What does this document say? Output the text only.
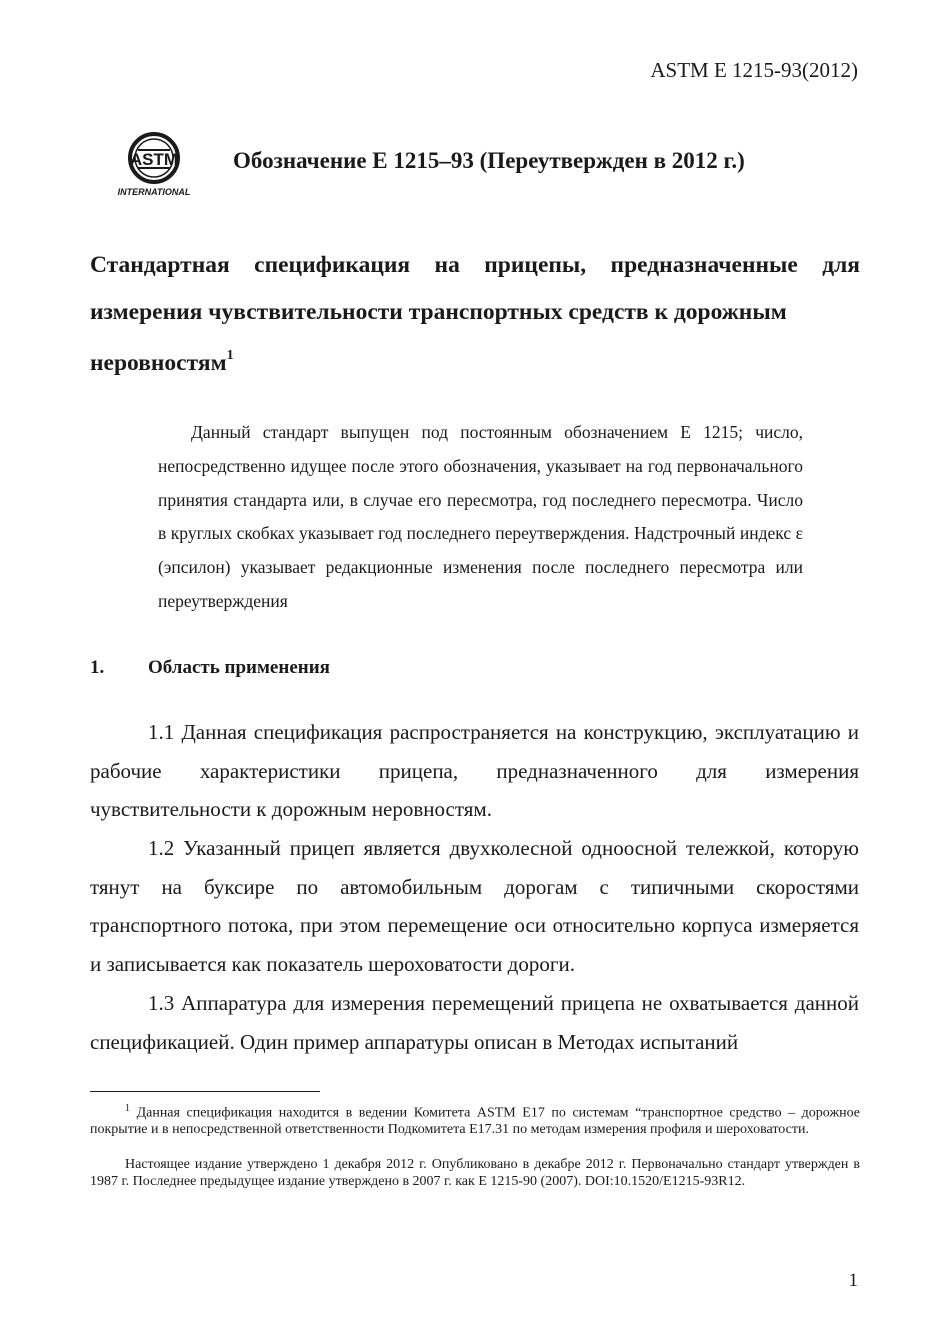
ASTM E 1215-93(2012)
ASTM
INTERNATIONAL
Обозначение E 1215–93 (Переутвержден в 2012 г.)
Стандартная спецификация на прицепы, предназначенные для измерения чувствительности транспортных средств к дорожным
неровностям$^1$
Данный стандарт выпущен под постоянным обозначением Е 1215; число, непосредственно идущее после этого обозначения, указывает на год первоначального принятия стандарта или, в случае его пересмотра, год последнего пересмотра. Число в круглых скобках указывает год последнего переутверждения. Надстрочный индекс ε (эпсилон) указывает редакционные изменения после последнего пересмотра или переутверждения
1. Область применения

1.1 Данная спецификация распространяется на конструкцию, эксплуатацию и рабочие характеристики прицепа, предназначенного для измерения чувствительности к дорожным неровностям.

1.2 Указанный прицеп является двухколесной одноосной тележкой, которую тянут на буксире по автомобильным дорогам с типичными скоростями транспортного потока, при этом перемещение оси относительно корпуса измеряется и записывается как показатель шероховатости дороги.

1.3 Аппаратура для измерения перемещений прицепа не охватывается данной спецификацией. Один пример аппаратуры описан в Методах испытаний

$^1$ Данная спецификация находится в ведении Комитета ASTM E17 по системам “транспортное средство – дорожное покрытие и в непосредственной ответственности Подкомитета E17.31 по методам измерения профиля и шероховатости.

Настоящее издание утверждено 1 декабря 2012 г. Опубликовано в декабре 2012 г. Первоначально стандарт утвержден в 1987 г. Последнее предыдущее издание утверждено в 2007 г. как E 1215-90 (2007). DOI:10.1520/E1215-93R12.

1
